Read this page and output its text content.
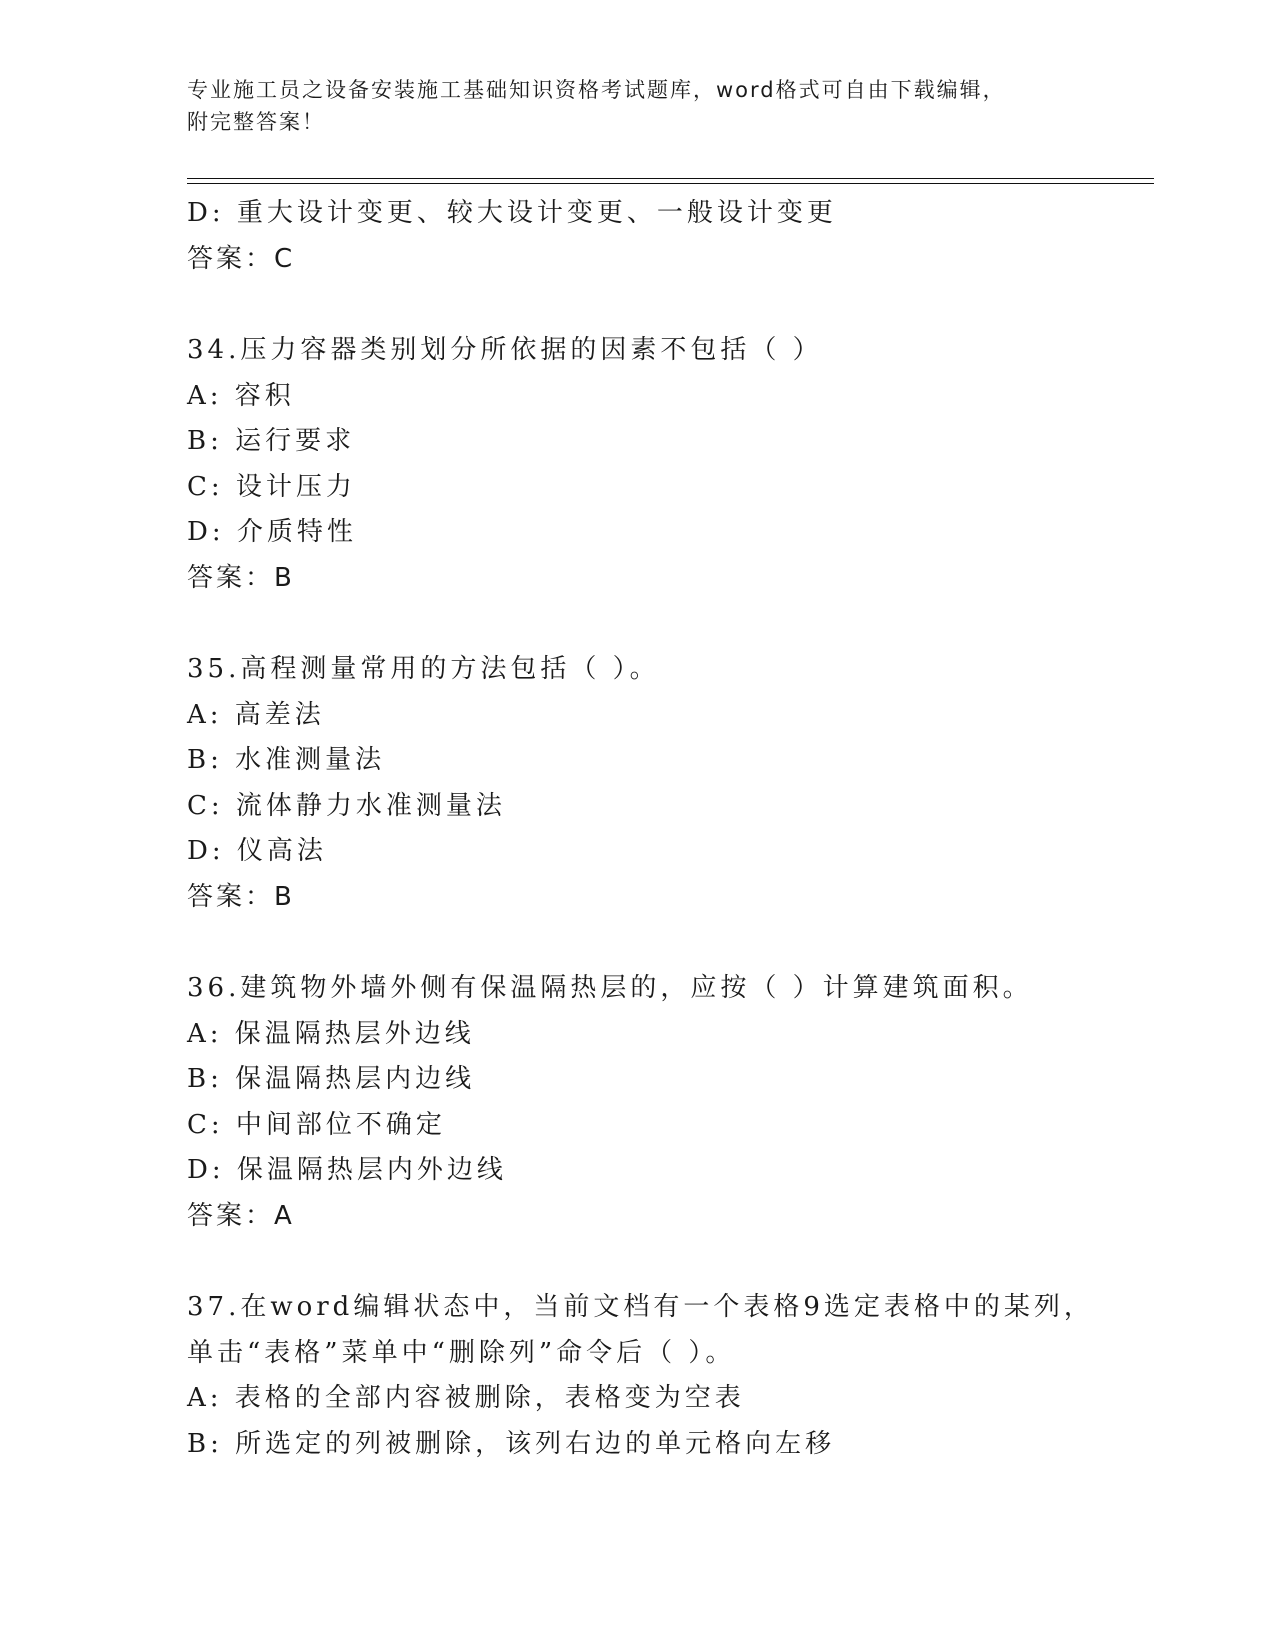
专业施工员之设备安装施工基础知识资格考试题库，word格式可自由下载编辑，
附完整答案！

D: 重大设计变更、较大设计变更、一般设计变更

答案：C

34.压力容器类别划分所依据的因素不包括（ ）

A: 容积

B: 运行要求

C: 设计压力

D: 介质特性

答案：B

35.高程测量常用的方法包括（ ）。

A: 高差法

B: 水准测量法

C: 流体静力水准测量法

D: 仪高法

答案：B

36.建筑物外墙外侧有保温隔热层的，应按（ ）计算建筑面积。

A: 保温隔热层外边线

B: 保温隔热层内边线

C: 中间部位不确定

D: 保温隔热层内外边线

答案：A

37.在word编辑状态中，当前文档有一个表格9选定表格中的某列，

单击“表格”菜单中“删除列”命令后（ ）。

A: 表格的全部内容被删除，表格变为空表

B: 所选定的列被删除，该列右边的单元格向左移
